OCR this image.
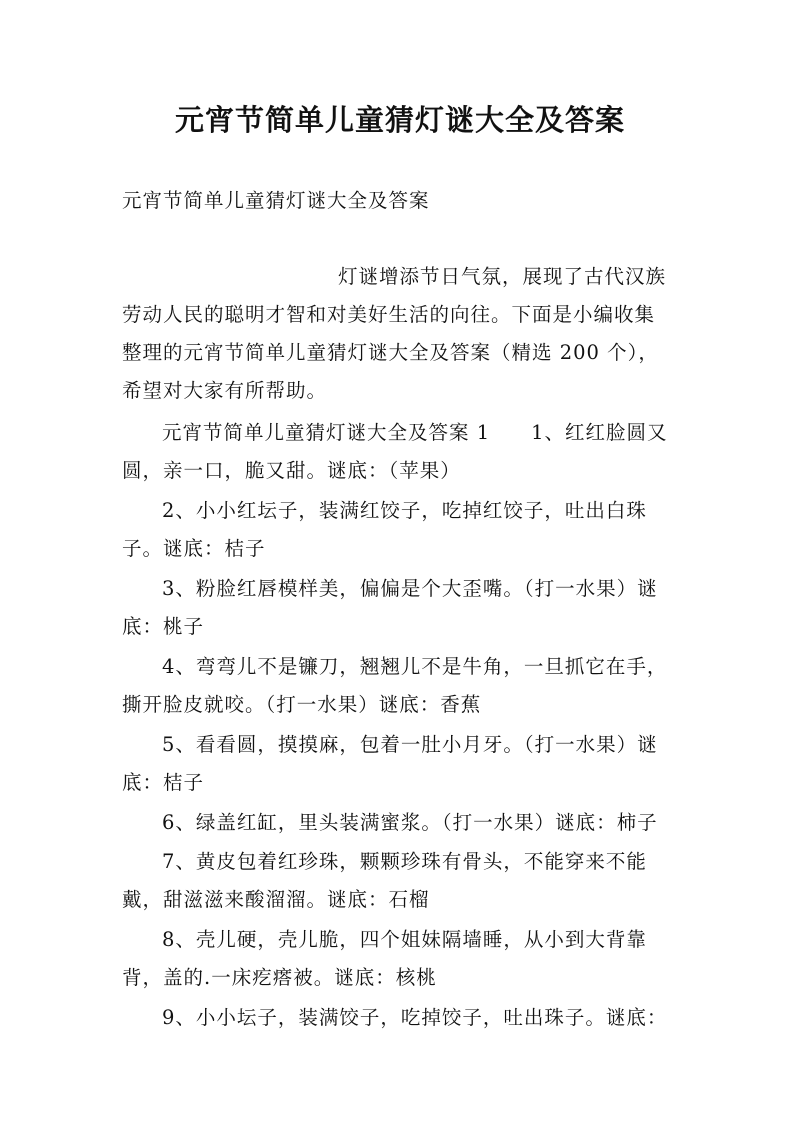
元宵节简单儿童猜灯谜大全及答案
元宵节简单儿童猜灯谜大全及答案
灯谜增添节日气氛，展现了古代汉族
劳动人民的聪明才智和对美好生活的向往。下面是小编收集
整理的元宵节简单儿童猜灯谜大全及答案（精选 200 个），
希望对大家有所帮助。
元宵节简单儿童猜灯谜大全及答案 1　　1、红红脸圆又
圆，亲一口，脆又甜。谜底：（苹果）
2、小小红坛子，装满红饺子，吃掉红饺子，吐出白珠
子。谜底：桔子
3、粉脸红唇模样美，偏偏是个大歪嘴。（打一水果）谜
底：桃子
4、弯弯儿不是镰刀，翘翘儿不是牛角，一旦抓它在手，
撕开脸皮就咬。（打一水果）谜底：香蕉
5、看看圆，摸摸麻，包着一肚小月牙。（打一水果）谜
底：桔子
6、绿盖红缸，里头装满蜜浆。（打一水果）谜底：柿子
7、黄皮包着红珍珠，颗颗珍珠有骨头，不能穿来不能
戴，甜滋滋来酸溜溜。谜底：石榴
8、壳儿硬，壳儿脆，四个姐妹隔墙睡，从小到大背靠
背，盖的.一床疙瘩被。谜底：核桃
9、小小坛子，装满饺子，吃掉饺子，吐出珠子。谜底：
